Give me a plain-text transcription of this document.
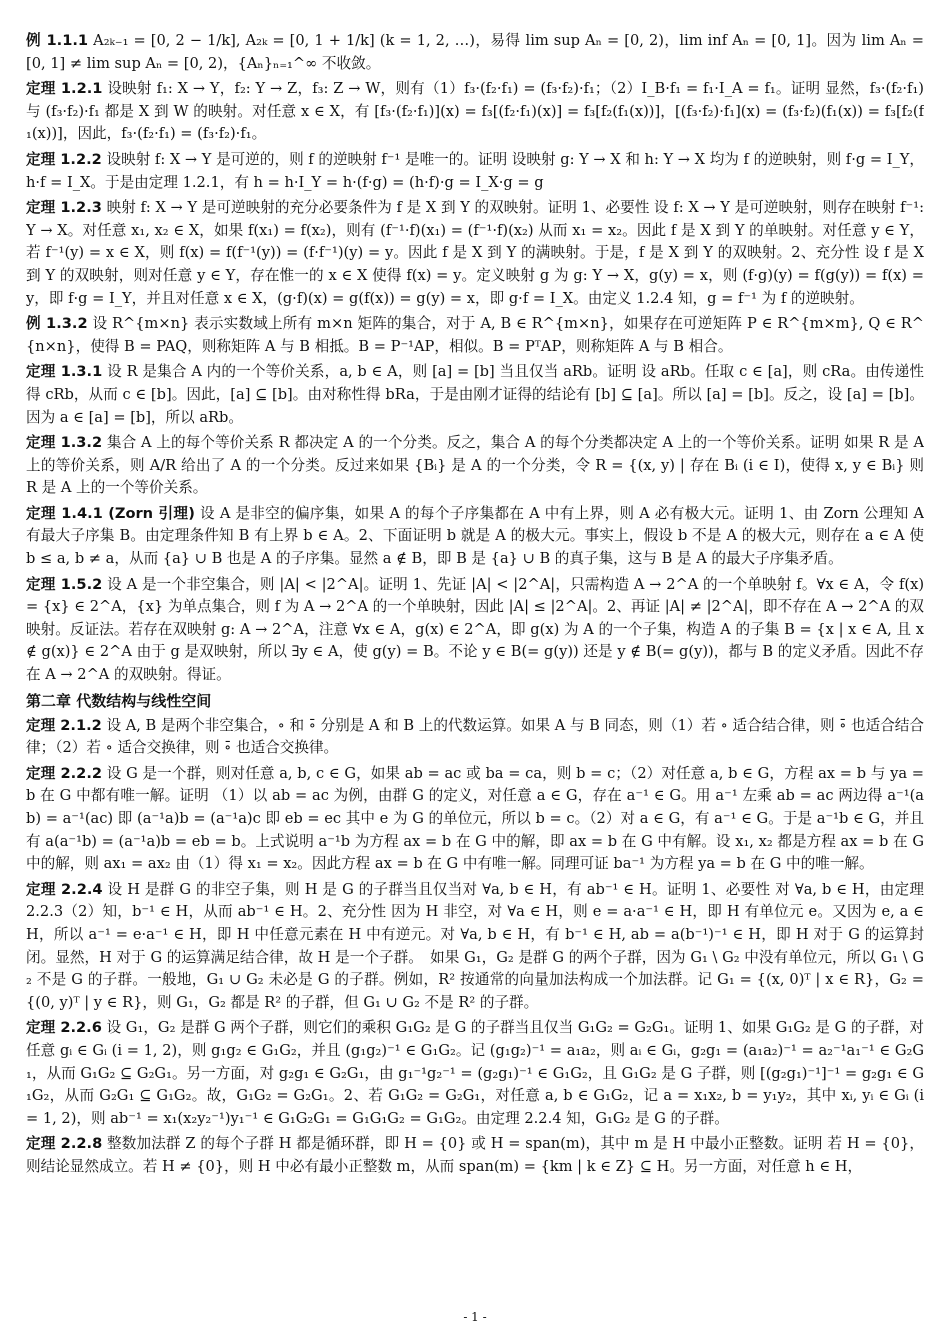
例 1.1.1 A₂ₖ₋₁ = [0, 2 − 1/k], A₂ₖ = [0, 1 + 1/k] (k = 1, 2, …)，易得 lim sup Aₙ = [0, 2)，lim inf Aₙ = [0, 1]。因为 lim Aₙ = [0, 1] ≠ lim sup Aₙ = [0, 2)，{Aₙ}ₙ₌₁^∞ 不收敛。

定理 1.2.1 设映射 f₁: X → Y，f₂: Y → Z，f₃: Z → W，则有（1）f₃·(f₂·f₁) = (f₃·f₂)·f₁；（2）I_B·f₁ = f₁·I_A = f₁。证明 显然，f₃·(f₂·f₁) 与 (f₃·f₂)·f₁ 都是 X 到 W 的映射。对任意 x ∈ X，有 [f₃·(f₂·f₁)](x) = f₃[(f₂·f₁)(x)] = f₃[f₂(f₁(x))]，[(f₃·f₂)·f₁](x) = (f₃·f₂)(f₁(x)) = f₃[f₂(f₁(x))]，因此，f₃·(f₂·f₁) = (f₃·f₂)·f₁。

定理 1.2.2 设映射 f: X → Y 是可逆的，则 f 的逆映射 f⁻¹ 是唯一的。证明 设映射 g: Y → X 和 h: Y → X 均为 f 的逆映射，则 f·g = I_Y，h·f = I_X。于是由定理 1.2.1，有 h = h·I_Y = h·(f·g) = (h·f)·g = I_X·g = g

定理 1.2.3 映射 f: X → Y 是可逆映射的充分必要条件为 f 是 X 到 Y 的双映射。证明 1、必要性 设 f: X → Y 是可逆映射，则存在映射 f⁻¹: Y → X。对任意 x₁, x₂ ∈ X，如果 f(x₁) = f(x₂)，则有 (f⁻¹·f)(x₁) = (f⁻¹·f)(x₂) 从而 x₁ = x₂。因此 f 是 X 到 Y 的单映射。对任意 y ∈ Y，若 f⁻¹(y) = x ∈ X，则 f(x) = f(f⁻¹(y)) = (f·f⁻¹)(y) = y。因此 f 是 X 到 Y 的满映射。于是，f 是 X 到 Y 的双映射。2、充分性 设 f 是 X 到 Y 的双映射，则对任意 y ∈ Y，存在惟一的 x ∈ X 使得 f(x) = y。定义映射 g 为 g: Y → X，g(y) = x，则 (f·g)(y) = f(g(y)) = f(x) = y，即 f·g = I_Y，并且对任意 x ∈ X，(g·f)(x) = g(f(x)) = g(y) = x，即 g·f = I_X。由定义 1.2.4 知，g = f⁻¹ 为 f 的逆映射。

例 1.3.2 设 R^{m×n} 表示实数域上所有 m×n 矩阵的集合，对于 A, B ∈ R^{m×n}，如果存在可逆矩阵 P ∈ R^{m×m}, Q ∈ R^{n×n}，使得 B = PAQ，则称矩阵 A 与 B 相抵。B = P⁻¹AP，相似。B = PᵀAP，则称矩阵 A 与 B 相合。

定理 1.3.1 设 R 是集合 A 内的一个等价关系，a, b ∈ A，则 [a] = [b] 当且仅当 aRb。证明 设 aRb。任取 c ∈ [a]，则 cRa。由传递性得 cRb，从而 c ∈ [b]。因此，[a] ⊆ [b]。由对称性得 bRa，于是由刚才证得的结论有 [b] ⊆ [a]。所以 [a] = [b]。反之，设 [a] = [b]。因为 a ∈ [a] = [b]，所以 aRb。

定理 1.3.2 集合 A 上的每个等价关系 R 都决定 A 的一个分类。反之，集合 A 的每个分类都决定 A 上的一个等价关系。证明 如果 R 是 A 上的等价关系，则 A/R 给出了 A 的一个分类。反过来如果 {Bᵢ} 是 A 的一个分类，令 R = {(x, y) | 存在 Bᵢ (i ∈ I)，使得 x, y ∈ Bᵢ} 则 R 是 A 上的一个等价关系。

定理 1.4.1 (Zorn 引理) 设 A 是非空的偏序集，如果 A 的每个子序集都在 A 中有上界，则 A 必有极大元。证明 1、由 Zorn 公理知 A 有最大子序集 B。由定理条件知 B 有上界 b ∈ A。2、下面证明 b 就是 A 的极大元。事实上，假设 b 不是 A 的极大元，则存在 a ∈ A 使 b ≤ a, b ≠ a，从而 {a} ∪ B 也是 A 的子序集。显然 a ∉ B，即 B 是 {a} ∪ B 的真子集，这与 B 是 A 的最大子序集矛盾。

定理 1.5.2 设 A 是一个非空集合，则 |A| < |2^A|。证明 1、先证 |A| < |2^A|，只需构造 A → 2^A 的一个单映射 f。∀x ∈ A，令 f(x) = {x} ∈ 2^A，{x} 为单点集合，则 f 为 A → 2^A 的一个单映射，因此 |A| ≤ |2^A|。2、再证 |A| ≠ |2^A|，即不存在 A → 2^A 的双映射。反证法。若存在双映射 g: A → 2^A，注意 ∀x ∈ A，g(x) ∈ 2^A，即 g(x) 为 A 的一个子集，构造 A 的子集 B = {x | x ∈ A, 且 x ∉ g(x)} ∈ 2^A 由于 g 是双映射，所以 ∃y ∈ A，使 g(y) = B。不论 y ∈ B(= g(y)) 还是 y ∉ B(= g(y))，都与 B 的定义矛盾。因此不存在 A → 2^A 的双映射。得证。

第二章 代数结构与线性空间

定理 2.1.2 设 A, B 是两个非空集合，∘ 和 ∘̄ 分别是 A 和 B 上的代数运算。如果 A 与 B 同态，则（1）若 ∘ 适合结合律，则 ∘̄ 也适合结合律；（2）若 ∘ 适合交换律，则 ∘̄ 也适合交换律。

定理 2.2.2 设 G 是一个群，则对任意 a, b, c ∈ G，如果 ab = ac 或 ba = ca，则 b = c；（2）对任意 a, b ∈ G，方程 ax = b 与 ya = b 在 G 中都有唯一解。证明 （1）以 ab = ac 为例，由群 G 的定义，对任意 a ∈ G，存在 a⁻¹ ∈ G。用 a⁻¹ 左乘 ab = ac 两边得 a⁻¹(ab) = a⁻¹(ac) 即 (a⁻¹a)b = (a⁻¹a)c 即 eb = ec 其中 e 为 G 的单位元，所以 b = c。（2）对 a ∈ G，有 a⁻¹ ∈ G。于是 a⁻¹b ∈ G，并且有 a(a⁻¹b) = (a⁻¹a)b = eb = b。上式说明 a⁻¹b 为方程 ax = b 在 G 中的解，即 ax = b 在 G 中有解。设 x₁, x₂ 都是方程 ax = b 在 G 中的解，则 ax₁ = ax₂ 由（1）得 x₁ = x₂。因此方程 ax = b 在 G 中有唯一解。同理可证 ba⁻¹ 为方程 ya = b 在 G 中的唯一解。

定理 2.2.4 设 H 是群 G 的非空子集，则 H 是 G 的子群当且仅当对 ∀a, b ∈ H，有 ab⁻¹ ∈ H。证明 1、必要性 对 ∀a, b ∈ H，由定理 2.2.3（2）知，b⁻¹ ∈ H，从而 ab⁻¹ ∈ H。2、充分性 因为 H 非空，对 ∀a ∈ H，则 e = a·a⁻¹ ∈ H，即 H 有单位元 e。又因为 e, a ∈ H，所以 a⁻¹ = e·a⁻¹ ∈ H，即 H 中任意元素在 H 中有逆元。对 ∀a, b ∈ H，有 b⁻¹ ∈ H, ab = a(b⁻¹)⁻¹ ∈ H，即 H 对于 G 的运算封闭。显然，H 对于 G 的运算满足结合律，故 H 是一个子群。　如果 G₁，G₂ 是群 G 的两个子群，因为 G₁ \ G₂ 中没有单位元，所以 G₁ \ G₂ 不是 G 的子群。一般地，G₁ ∪ G₂ 未必是 G 的子群。例如，R² 按通常的向量加法构成一个加法群。记 G₁ = {(x, 0)ᵀ | x ∈ R}，G₂ = {(0, y)ᵀ | y ∈ R}，则 G₁，G₂ 都是 R² 的子群，但 G₁ ∪ G₂ 不是 R² 的子群。

定理 2.2.6 设 G₁，G₂ 是群 G 两个子群，则它们的乘积 G₁G₂ 是 G 的子群当且仅当 G₁G₂ = G₂G₁。证明 1、如果 G₁G₂ 是 G 的子群，对任意 gᵢ ∈ Gᵢ (i = 1, 2)，则 g₁g₂ ∈ G₁G₂，并且 (g₁g₂)⁻¹ ∈ G₁G₂。记 (g₁g₂)⁻¹ = a₁a₂，则 aᵢ ∈ Gᵢ，g₂g₁ = (a₁a₂)⁻¹ = a₂⁻¹a₁⁻¹ ∈ G₂G₁，从而 G₁G₂ ⊆ G₂G₁。另一方面，对 g₂g₁ ∈ G₂G₁，由 g₁⁻¹g₂⁻¹ = (g₂g₁)⁻¹ ∈ G₁G₂，且 G₁G₂ 是 G 子群，则 [(g₂g₁)⁻¹]⁻¹ = g₂g₁ ∈ G₁G₂，从而 G₂G₁ ⊆ G₁G₂。故，G₁G₂ = G₂G₁。2、若 G₁G₂ = G₂G₁，对任意 a, b ∈ G₁G₂，记 a = x₁x₂, b = y₁y₂，其中 xᵢ, yᵢ ∈ Gᵢ (i = 1, 2)，则 ab⁻¹ = x₁(x₂y₂⁻¹)y₁⁻¹ ∈ G₁G₂G₁ = G₁G₁G₂ = G₁G₂。由定理 2.2.4 知，G₁G₂ 是 G 的子群。

定理 2.2.8 整数加法群 Z 的每个子群 H 都是循环群，即 H = {0} 或 H = span(m)，其中 m 是 H 中最小正整数。证明 若 H = {0}，则结论显然成立。若 H ≠ {0}，则 H 中必有最小正整数 m，从而 span(m) = {km | k ∈ Z} ⊆ H。另一方面，对任意 h ∈ H，

- 1 -
